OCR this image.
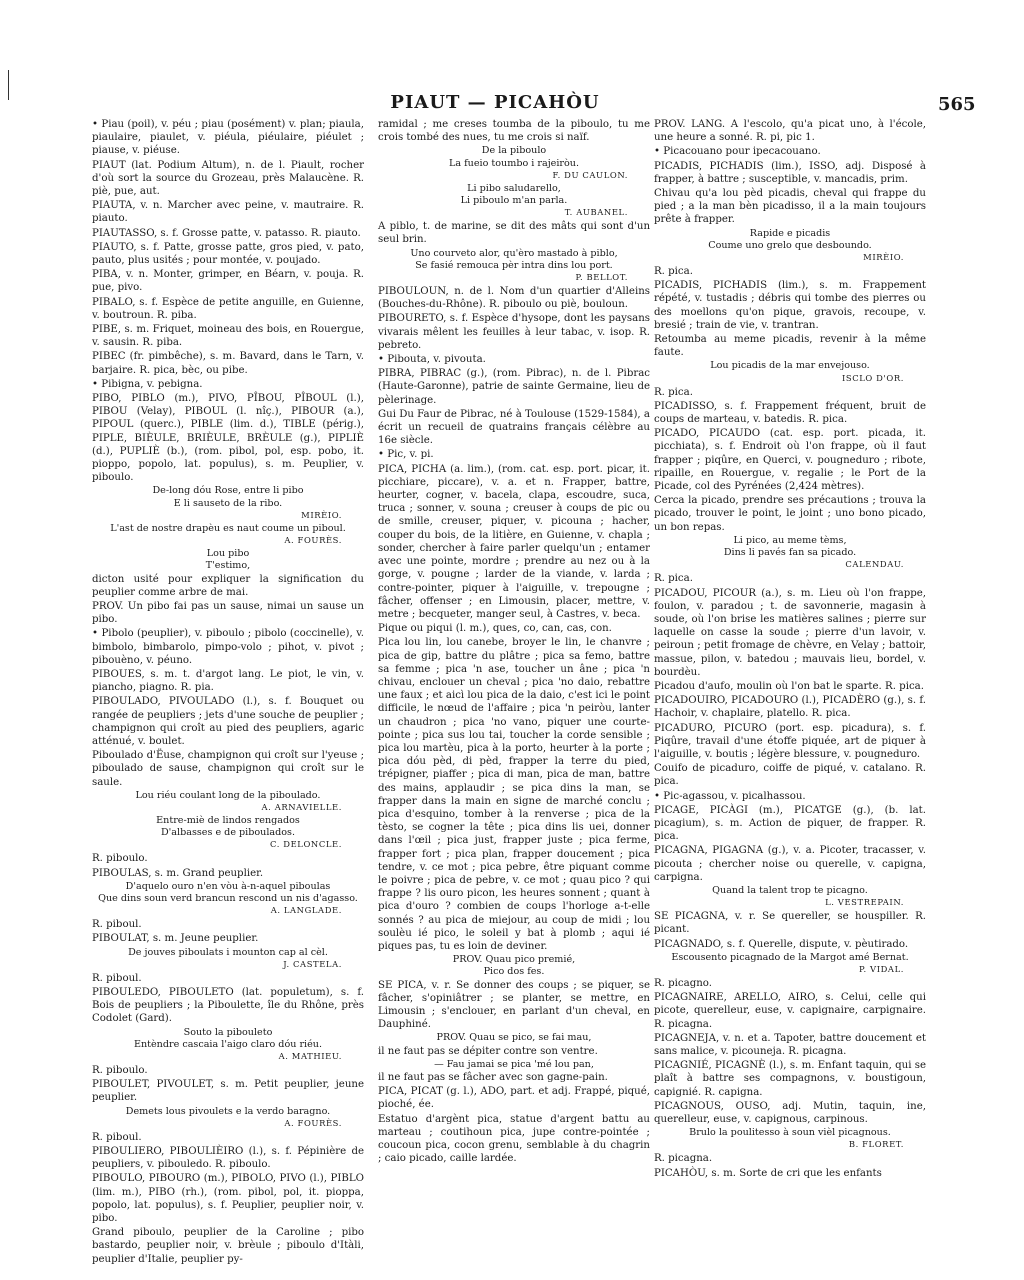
PIAUT — PICAHÒU	565
• Piau (poil), v. péu ; piau (posément) v. plan; piaula, piaulaire, piaulet, v. piéula, piéulaire, piéulet ; piause, v. piéuse.
PIAUT (lat. Podium Altum), n. de l. Piault, rocher d'où sort la source du Grozeau, près Malaucène. R. piè, pue, aut.
PIAUTA, v. n. Marcher avec peine, v. mautraire. R. piauto.
PIAUTASSO, s. f. Grosse patte, v. patasso. R. piauto.
PIAUTO, s. f. Patte, grosse patte, gros pied, v. pato, pauto, plus usités ; pour montée, v. poujado.
PIBA, v. n. Monter, grimper, en Béarn, v. pouja. R. pue, pivo.
PIBALO, s. f. Espèce de petite anguille, en Guienne, v. boutroun. R. piba.
PIBE, s. m. Friquet, moineau des bois, en Rouergue, v. sausin. R. piba.
PIBEC (fr. pimbêche), s. m. Bavard, dans le Tarn, v. barjaire. R. pica, bèc, ou pibe.
• Pibigna, v. pebigna.
PIBO, PIBLO (m.), PIVO, PÎBOU, PÎBOUL (l.), PIBOU (Velay), PIBOUL (l. nîç.), PIBOUR (a.), PIPOUL (querc.), PIBLE (lim. d.), TIBLE (périg.), PIPLE, BIÈULE, BRIÈULE, BRÈULE (g.), PIPLIÈ (d.), PUPLIÈ (b.), (rom. pibol, pol, esp. pobo, it. pioppo, popolo, lat. populus), s. m. Peuplier, v. piboulo.
De-long dóu Rose, entre li pibo
E li sauseto de la ribo.
MIRÈIO.
L'ast de nostre drapèu es naut coume un piboul.
A. FOURÈS.
Lou pibo
T'estimo,
dicton usité pour expliquer la signification du peuplier comme arbre de mai.
PROV. Un pibo fai pas un sause, nimai un sause un pibo.
• Pibolo (peuplier), v. piboulo ; pibolo (coccinelle), v. bimbolo, bimbarolo, pimpo-volo ; pihot, v. pivot ; pibouèno, v. péuno.
PIBOUES, s. m. t. d'argot lang. Le piot, le vin, v. piancho, piagno. R. pia.
PIBOULADO, PIVOULADO (l.), s. f. Bouquet ou rangée de peupliers ; jets d'une souche de peuplier ; champignon qui croît au pied des peupliers, agaric atténué, v. boulet.
Piboulado d'Ëuse, champignon qui croît sur l'yeuse ; piboulado de sause, champignon qui croît sur le saule.
Lou riéu coulant long de la piboulado.
A. ARNAVIELLE.
Entre-miè de lindos rengados
D'albasses e de piboulados.
C. DELONCLE.
R. piboulo.
PIBOULAS, s. m. Grand peuplier.
D'aquelo ouro n'en vòu à-n-aquel piboulas
Que dins soun verd brancun rescond un nis d'agasso.
A. LANGLADE.
R. piboul.
PIBOULAT, s. m. Jeune peuplier.
De jouves piboulats i mounton cap al cèl.
J. CASTELA.
R. piboul.
PIBOULEDO, PIBOULETO (lat. populetum), s. f. Bois de peupliers ; la Piboulette, île du Rhône, près Codolet (Gard).
Souto la pibouleto
Entèndre cascaia l'aigo claro dóu riéu.
A. MATHIEU.
R. piboulo.
PIBOULET, PIVOULET, s. m. Petit peuplier, jeune peuplier.
Demets lous pivoulets e la verdo baragno.
A. FOURÈS.
R. piboul.
PIBOULIERO, PIBOULIÈIRO (l.), s. f. Pépinière de peupliers, v. pibouledo. R. piboulo.
PIBOULO, PIBOURO (m.), PIBOLO, PIVO (l.), PIBLO (lim. m.), PIBO (rh.), (rom. pibol, pol, it. pioppa, popolo, lat. populus), s. f. Peuplier, peuplier noir, v. pibo.
Grand piboulo, peuplier de la Caroline ; pibo bastardo, peuplier noir, v. brèule ; piboulo d'Itàli, peuplier d'Italie, peuplier py-
ramidal ; me creses toumba de la piboulo, tu me crois tombé des nues, tu me crois si naïf.
De la piboulo
La fueio toumbo i rajeiròu.
F. DU CAULON.
Li pibo saludarello,
Li piboulo m'an parla.
T. AUBANEL.
A piblo, t. de marine, se dit des mâts qui sont d'un seul brin.
Uno courveto alor, qu'èro mastado à piblo,
Se fasié remouca pèr intra dins lou port.
P. BELLOT.
PIBOULOUN, n. de l. Nom d'un quartier d'Alleins (Bouches-du-Rhône). R. piboulo ou piè, bouloun.
PIBOURETO, s. f. Espèce d'hysope, dont les paysans vivarais mêlent les feuilles à leur tabac, v. isop. R. pebreto.
• Pibouta, v. pivouta.
PIBRA, PIBRAC (g.), (rom. Pibrac), n. de l. Pibrac (Haute-Garonne), patrie de sainte Germaine, lieu de pèlerinage.
Gui Du Faur de Pibrac, né à Toulouse (1529-1584), a écrit un recueil de quatrains français célèbre au 16e siècle.
• Pic, v. pi.
PICA, PICHA (a. lim.), (rom. cat. esp. port. picar, it. picchiare, piccare), v. a. et n. Frapper, battre, heurter, cogner, v. bacela, clapa, escoudre, suca, truca ; sonner, v. souna ; creuser à coups de pic ou de smille, creuser, piquer, v. picouna ; hacher, couper du bois, de la litière, en Guienne, v. chapla ; sonder, chercher à faire parler quelqu'un ; entamer avec une pointe, mordre ; prendre au nez ou à la gorge, v. pougne ; larder de la viande, v. larda ; contre-pointer, piquer à l'aiguille, v. trepougne ; fâcher, offenser ; en Limousin, placer, mettre, v. metre ; becqueter, manger seul, à Castres, v. beca.
Pique ou piqui (l. m.), ques, co, can, cas, con.
Pica lou lin, lou canebe, broyer le lin, le chanvre ; pica de gip, battre du plâtre ; pica sa femo, battre sa femme ; pica 'n ase, toucher un âne ; pica 'n chivau, enclouer un cheval ; pica 'no daio, rebattre une faux ; et aicì lou pica de la daio, c'est ici le point difficile, le nœud de l'affaire ; pica 'n peiròu, lanter un chaudron ; pica 'no vano, piquer une courte-pointe ; pica sus lou tai, toucher la corde sensible ; pica lou martèu, pica à la porto, heurter à la porte ; pica dóu pèd, di pèd, frapper la terre du pied, trépigner, piaffer ; pica di man, pica de man, battre des mains, applaudir ; se pica dins la man, se frapper dans la main en signe de marché conclu ; pica d'esquino, tomber à la renverse ; pica de la tèsto, se cogner la tête ; pica dins lis uei, donner dans l'œil ; pica just, frapper juste ; pica ferme, frapper fort ; pica plan, frapper doucement ; pica tendre, v. ce mot ; pica pebre, être piquant comme le poivre ; pica de pebre, v. ce mot ; quau pico ? qui frappe ? lis ouro picon, les heures sonnent ; quant à pica d'ouro ? combien de coups l'horloge a-t-elle sonnés ? au pica de miejour, au coup de midi ; lou soulèu ié pico, le soleil y bat à plomb ; aqui ié piques pas, tu es loin de deviner.
PROV. Quau pico premié,
Pico dos fes.
SE PICA, v. r. Se donner des coups ; se piquer, se fâcher, s'opiniâtrer ; se planter, se mettre, en Limousin ; s'enclouer, en parlant d'un cheval, en Dauphiné.
PROV. Quau se pico, se fai mau,
il ne faut pas se dépiter contre son ventre.
— Fau jamai se pica 'mé lou pan,
il ne faut pas se fâcher avec son gagne-pain.
PICA, PICAT (g. l.), ADO, part. et adj. Frappé, piqué, pioché, ée.
Estatuo d'argènt pica, statue d'argent battu au marteau ; coutihoun pica, jupe contre-pointée ; coucoun pica, cocon grenu, semblable à du chagrin ; caio picado, caille lardée.
PROV. LANG. A l'escolo, qu'a picat uno, à l'école, une heure a sonné. R. pi, pic 1.
• Picacouano pour ipecacouano.
PICADIS, PICHADIS (lim.), ISSO, adj. Disposé à frapper, à battre ; susceptible, v. mancadis, prim.
Chivau qu'a lou pèd picadis, cheval qui frappe du pied ; a la man bèn picadisso, il a la main toujours prête à frapper.
Rapide e picadis
Coume uno grelo que desboundo.
MIRÈIO.
R. pica.
PICADIS, PICHADIS (lim.), s. m. Frappement répété, v. tustadis ; débris qui tombe des pierres ou des moellons qu'on pique, gravois, recoupe, v. bresié ; train de vie, v. trantran.
Retoumba au meme picadis, revenir à la même faute.
Lou picadis de la mar envejouso.
ISCLO D'OR.
R. pica.
PICADISSO, s. f. Frappement fréquent, bruit de coups de marteau, v. batedis. R. pica.
PICADO, PICAUDO (cat. esp. port. picada, it. picchiata), s. f. Endroit où l'on frappe, où il faut frapper ; piqûre, en Querci, v. pougneduro ; ribote, ripaille, en Rouergue, v. regalie ; le Port de la Picade, col des Pyrénées (2,424 mètres).
Cerca la picado, prendre ses précautions ; trouva la picado, trouver le point, le joint ; uno bono picado, un bon repas.
Li pico, au meme tèms,
Dins li pavés fan sa picado.
CALENDAU.
R. pica.
PICADOU, PICOUR (a.), s. m. Lieu où l'on frappe, foulon, v. paradou ; t. de savonnerie, magasin à soude, où l'on brise les matières salines ; pierre sur laquelle on casse la soude ; pierre d'un lavoir, v. peiroun ; petit fromage de chèvre, en Velay ; battoir, massue, pilon, v. batedou ; mauvais lieu, bordel, v. bourdèu.
Picadou d'aufo, moulin où l'on bat le sparte. R. pica.
PICADOUIRO, PICADOURO (l.), PICADÈRO (g.), s. f. Hachoir, v. chaplaire, platello. R. pica.
PICADURO, PICURO (port. esp. picadura), s. f. Piqûre, travail d'une étoffe piquée, art de piquer à l'aiguille, v. boutis ; légère blessure, v. pougneduro.
Couifo de picaduro, coiffe de piqué, v. catalano. R. pica.
• Pic-agassou, v. picalhassou.
PICAGE, PICÀGI (m.), PICATGE (g.), (b. lat. picagium), s. m. Action de piquer, de frapper. R. pica.
PICAGNA, PIGAGNA (g.), v. a. Picoter, tracasser, v. picouta ; chercher noise ou querelle, v. capigna, carpigna.
Quand la talent trop te picagno.
L. VESTREPAIN.
SE PICAGNA, v. r. Se quereller, se houspiller. R. picant.
PICAGNADO, s. f. Querelle, dispute, v. pèutirado.
Escousento picagnado de la Margot amé Bernat.
P. VIDAL.
R. picagno.
PICAGNAIRE, ARELLO, AIRO, s. Celui, celle qui picote, querelleur, euse, v. capignaire, carpignaire. R. picagna.
PICAGNEJA, v. n. et a. Tapoter, battre doucement et sans malice, v. picouneja. R. picagna.
PICAGNIÉ, PICAGNÈ (l.), s. m. Enfant taquin, qui se plaît à battre ses compagnons, v. boustigoun, capignié. R. capigna.
PICAGNOUS, OUSO, adj. Mutin, taquin, ine, querelleur, euse, v. capignous, carpinous.
Brulo la poulitesso à soun vièl picagnous.
B. FLORET.
R. picagna.
PICAHÒU, s. m. Sorte de cri que les enfants
